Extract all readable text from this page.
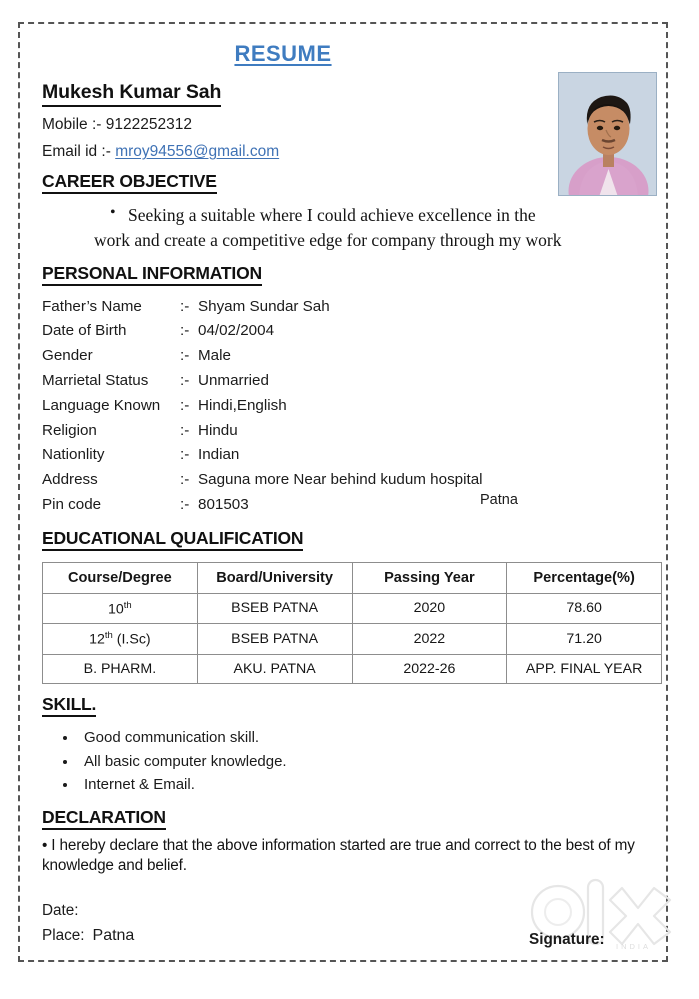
RESUME
Mukesh Kumar Sah
Mobile :- 9122252312
Email id :- mroy94556@gmail.com
CAREER OBJECTIVE
• Seeking a suitable where I could achieve excellence in the
work and create a competitive edge for company through my work
PERSONAL INFORMATION
Father’s Name	:- Shyam Sundar Sah
Date of Birth	:- 04/02/2004
Gender	:- Male
Marrietal Status	:- Unmarried
Language Known	:- Hindi,English
Religion	:- Hindu
Nationlity	:- Indian
Address	:- Saguna more Near behind kudum hospital
Pin code	:- 801503
EDUCATIONAL QUALIFICATION
Course/Degree	Board/University	Passing Year	Percentage(%)
10th	BSEB PATNA	2020	78.60
12th (I.Sc)	BSEB PATNA	2022	71.20
B. PHARM.	AKU. PATNA	2022-26	APP. FINAL YEAR
SKILL.
• Good communication skill.
• All basic computer knowledge.
• Internet & Email.
DECLARATION
• I hereby declare that the above information started are true and correct to the best of my knowledge and belief.
Date:
Place: Patna	Signature:
Patna
INDIA
